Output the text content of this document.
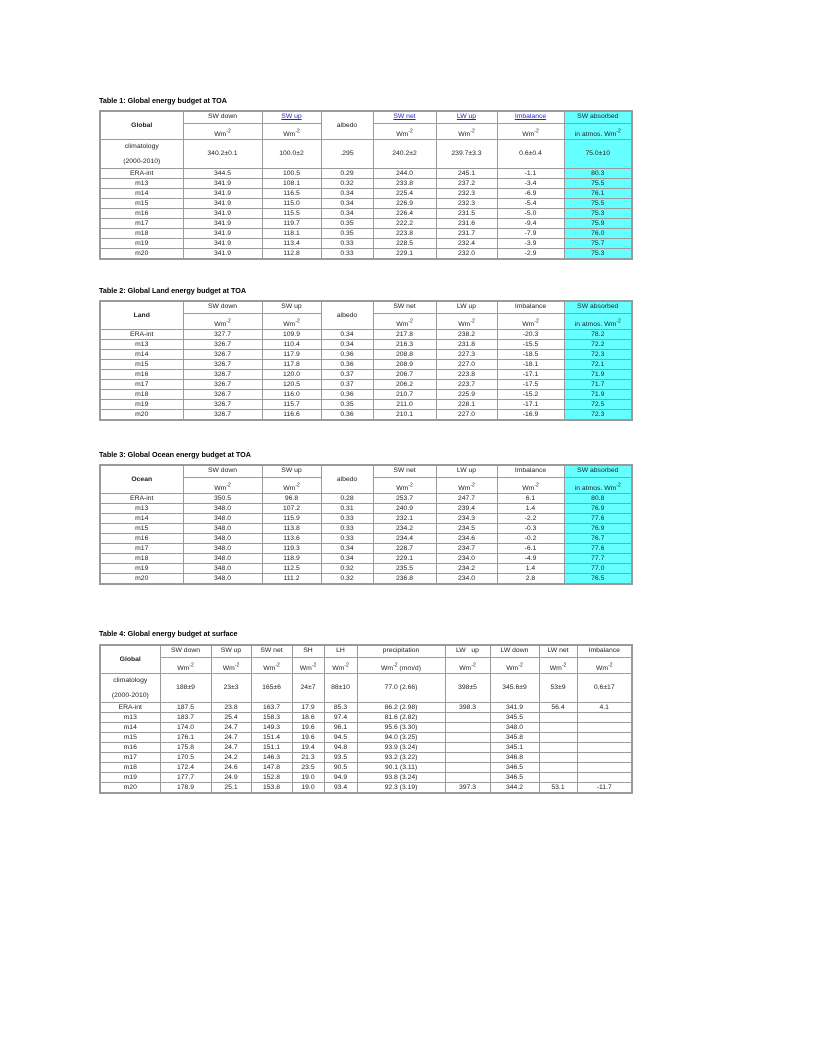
Table 1: Global energy budget at TOA
Global	SW down	SW up	albedo	SW net	LW up	Imbalance	SW absorbed
	$Wm^{-2}$	$Wm^{-2}$		$Wm^{-2}$	$Wm^{-2}$	$Wm^{-2}$	in atmos. $Wm^{-2}$

climatology
(2000-2010)	340.2±0.1	100.0±2	.295	240.2±2	239.7±3.3	0.6±0.4	75.0±10
ERA-int	344.5	100.5	0.29	244.0	245.1	-1.1	80.3
m13	341.9	108.1	0.32	233.8	237.2	-3.4	75.5
m14	341.9	116.5	0.34	225.4	232.3	-6.9	76.1
m15	341.9	115.0	0.34	226.9	232.3	-5.4	75.5
m16	341.9	115.5	0.34	226.4	231.5	-5.0	75.3
m17	341.9	119.7	0.35	222.2	231.6	-9.4	75.9
m18	341.9	118.1	0.35	223.8	231.7	-7.9	76.0
m19	341.9	113.4	0.33	228.5	232.4	-3.9	75.7
m20	341.9	112.8	0.33	229.1	232.0	-2.9	75.3
Table 2: Global Land energy budget at TOA
Land	SW down	SW up	albedo	SW net	LW up	Imbalance	SW absorbed
	$Wm^{-2}$	$Wm^{-2}$		$Wm^{-2}$	$Wm^{-2}$	$Wm^{-2}$	in atmos. $Wm^{-2}$
ERA-int	327.7	109.9	0.34	217.8	238.2	-20.3	78.2
m13	326.7	110.4	0.34	216.3	231.8	-15.5	72.2
m14	326.7	117.9	0.36	208.8	227.3	-18.5	72.3
m15	326.7	117.8	0.36	208.9	227.0	-18.1	72.1
m16	326.7	120.0	0.37	206.7	223.8	-17.1	71.9
m17	326.7	120.5	0.37	206.2	223.7	-17.5	71.7
m18	326.7	116.0	0.36	210.7	225.9	-15.2	71.9
m19	326.7	115.7	0.35	211.0	228.1	-17.1	72.5
m20	326.7	116.6	0.36	210.1	227.0	-16.9	72.3
Table 3: Global Ocean energy budget at TOA
Ocean	SW down	SW up	albedo	SW net	LW up	Imbalance	SW absorbed
	$Wm^{-2}$	$Wm^{-2}$		$Wm^{-2}$	$Wm^{-2}$	$Wm^{-2}$	in atmos. $Wm^{-2}$
ERA-int	350.5	96.8	0.28	253.7	247.7	6.1	80.8
m13	348.0	107.2	0.31	240.9	239.4	1.4	76.9
m14	348.0	115.9	0.33	232.1	234.3	-2.2	77.6
m15	348.0	113.8	0.33	234.2	234.5	-0.3	76.9
m16	348.0	113.6	0.33	234.4	234.6	-0.2	76.7
m17	348.0	119.3	0.34	228.7	234.7	-6.1	77.6
m18	348.0	118.9	0.34	229.1	234.0	-4.9	77.7
m19	348.0	112.5	0.32	235.5	234.2	1.4	77.0
m20	348.0	111.2	0.32	236.8	234.0	2.8	76.5
Table 4: Global energy budget at surface
Global	SW down	SW up	SW net	SH	LH	precipitation	LW   up	LW down	LW net	Imbalance
	$Wm^{-2}$	$Wm^{-2}$	$Wm^{-2}$	$Wm^{-2}$	$Wm^{-2}$	$Wm^{-2}$ (mm/d)	$Wm^{-2}$	$Wm^{-2}$	$Wm^{-2}$	$Wm^{-2}$

climatology
(2000-2010)	188±9	23±3	165±6	24±7	88±10	77.0 (2.66)	398±5	345.6±9	53±9	0.6±17
ERA-int	187.5	23.8	163.7	17.9	85.3	86.2 (2.98)	398.3	341.9	56.4	4.1
m13	183.7	25.4	158.3	18.6	97.4	81.6 (2.82)		345.5		
m14	174.0	24.7	149.3	19.6	96.1	95.6 (3.30)		348.0		
m15	176.1	24.7	151.4	19.6	94.5	94.0 (3.25)		345.8		
m16	175.8	24.7	151.1	19.4	94.8	93.9 (3.24)		345.1		
m17	170.5	24.2	146.3	21.3	93.5	93.2 (3.22)		346.8		
m18	172.4	24.6	147.8	23.5	90.5	90.1 (3.11)		346.5		
m19	177.7	24.9	152.8	19.0	94.9	93.8 (3.24)		346.5		
m20	178.9	25.1	153.8	19.0	93.4	92.3 (3.19)	397.3	344.2	53.1	-11.7
